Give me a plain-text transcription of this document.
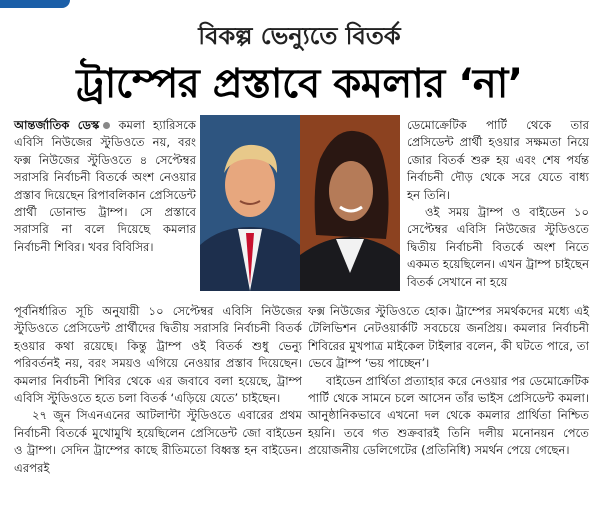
বিকল্প ভেন্যুতে বিতর্ক
ট্রাম্পের প্রস্তাবে কমলার ‘না’

আন্তর্জাতিক ডেস্ক কমলা হ্যারিসকে এবিসি নিউজের স্টুডিওতে নয়, বরং ফক্স নিউজের স্টুডিওতে ৪ সেপ্টেম্বর সরাসরি নির্বাচনী বিতর্কে অংশ নেওয়ার প্রস্তাব দিয়েছেন রিপাবলিকান প্রেসিডেন্ট প্রার্থী ডোনাল্ড ট্রাম্প। সে প্রস্তাবে সরাসরি না বলে দিয়েছে কমলার নির্বাচনী শিবির। খবর বিবিসির।

ডেমোক্রেটিক পার্টি থেকে তার প্রেসিডেন্ট প্রার্থী হওয়ার সক্ষমতা নিয়ে জোর বিতর্ক শুরু হয় এবং শেষ পর্যন্ত নির্বাচনী দৌড় থেকে সরে যেতে বাধ্য হন তিনি।

ওই সময় ট্রাম্প ও বাইডেন ১০ সেপ্টেম্বর এবিসি নিউজের স্টুডিওতে দ্বিতীয় নির্বাচনী বিতর্কে অংশ নিতে একমত হয়েছিলেন। এখন ট্রাম্প চাইছেন বিতর্ক সেখানে না হয়ে

পূর্বনির্ধারিত সূচি অনুযায়ী ১০ সেপ্টেম্বর এবিসি নিউজের স্টুডিওতে প্রেসিডেন্ট প্রার্থীদের দ্বিতীয় সরাসরি নির্বাচনী বিতর্ক হওয়ার কথা রয়েছে। কিন্তু ট্রাম্প ওই বিতর্ক শুধু ভেন্যু পরিবর্তনই নয়, বরং সময়ও এগিয়ে নেওয়ার প্রস্তাব দিয়েছেন। কমলার নির্বাচনী শিবির থেকে এর জবাবে বলা হয়েছে, ট্রাম্প এবিসি স্টুডিওতে হতে চলা বিতর্ক ‘এড়িয়ে যেতে’ চাইছেন।

২৭ জুন সিএনএনের আটলান্টা স্টুডিওতে এবারের প্রথম নির্বাচনী বিতর্কে মুখোমুখি হয়েছিলেন প্রেসিডেন্ট জো বাইডেন ও ট্রাম্প। সেদিন ট্রাম্পের কাছে রীতিমতো বিধ্বস্ত হন বাইডেন। এরপরই

ফক্স নিউজের স্টুডিওতে হোক। ট্রাম্পের সমর্থকদের মধ্যে এই টেলিভিশন নেটওয়ার্কটি সবচেয়ে জনপ্রিয়। কমলার নির্বাচনী শিবিরের মুখপাত্র মাইকেল টাইলার বলেন, কী ঘটতে পারে, তা ভেবে ট্রাম্প ‘ভয় পাচ্ছেন’।

বাইডেন প্রার্থিতা প্রত্যাহার করে নেওয়ার পর ডেমোক্রেটিক পার্টি থেকে সামনে চলে আসেন তাঁর ভাইস প্রেসিডেন্ট কমলা। আনুষ্ঠানিকভাবে এখনো দল থেকে কমলার প্রার্থিতা নিশ্চিত হয়নি। তবে গত শুক্রবারই তিনি দলীয় মনোনয়ন পেতে প্রয়োজনীয় ডেলিগেটের (প্রতিনিধি) সমর্থন পেয়ে গেছেন।
